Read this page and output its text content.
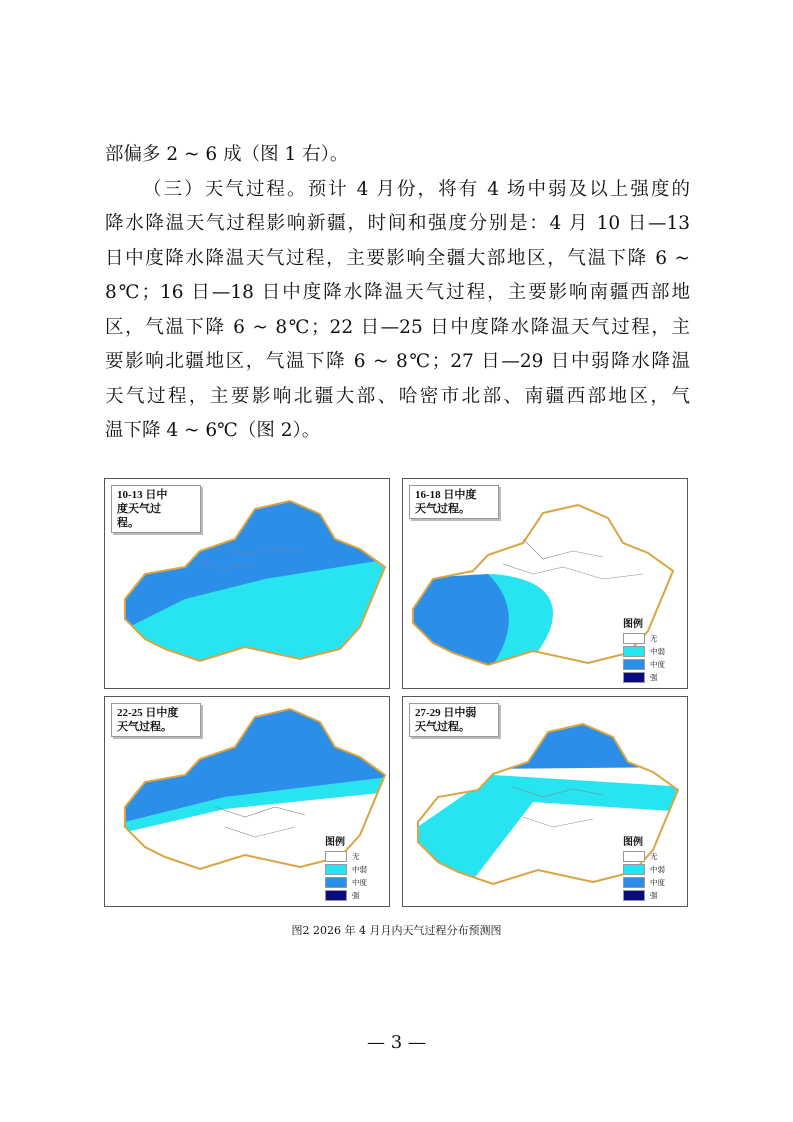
部偏多 2 ~ 6 成（图 1 右）。
（三）天气过程。预计 4 月份，将有 4 场中弱及以上强度的
降水降温天气过程影响新疆，时间和强度分别是：4 月 10 日—13
日中度降水降温天气过程，主要影响全疆大部地区，气温下降 6 ~
8℃；16 日—18 日中度降水降温天气过程，主要影响南疆西部地
区，气温下降 6 ~ 8℃；22 日—25 日中度降水降温天气过程，主
要影响北疆地区，气温下降 6 ~ 8℃；27 日—29 日中弱降水降温
天气过程，主要影响北疆大部、哈密市北部、南疆西部地区，气
温下降 4 ~ 6℃（图 2）。
10-13 日中
度天气过
程。
16-18 日中度
天气过程。
图例
无
中弱
中度
强
22-25 日中度
天气过程。
图例
无
中弱
中度
强
27-29 日中弱
天气过程。
图例
无
中弱
中度
强
图2 2026 年 4 月月内天气过程分布预测图
— 3 —
